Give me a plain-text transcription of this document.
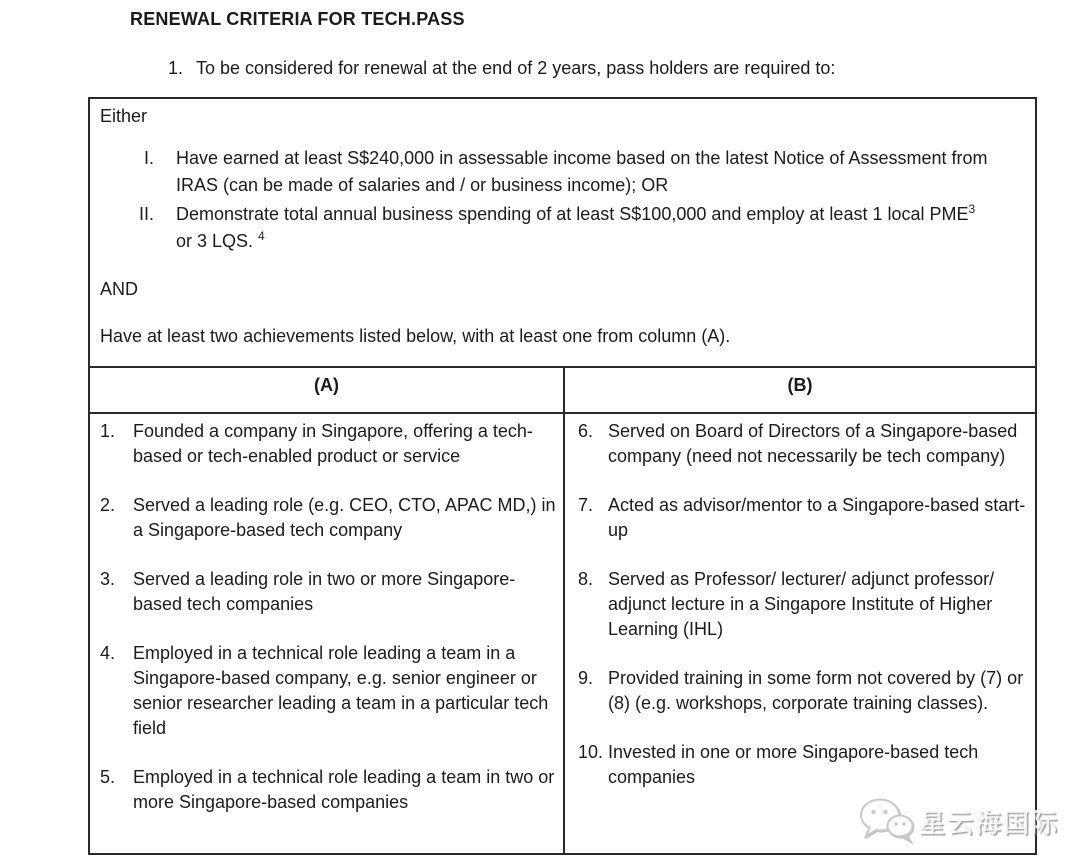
RENEWAL CRITERIA FOR TECH.PASS
1. To be considered for renewal at the end of 2 years, pass holders are required to:
Either
I. Have earned at least S$240,000 in assessable income based on the latest Notice of Assessment from IRAS (can be made of salaries and / or business income); OR
II. Demonstrate total annual business spending of at least S$100,000 and employ at least 1 local PME$^3$ or 3 LQS. $^4$
AND
Have at least two achievements listed below, with at least one from column (A).
(A)	(B)
1. Founded a company in Singapore, offering a tech-based or tech-enabled product or service
2. Served a leading role (e.g. CEO, CTO, APAC MD,) in a Singapore-based tech company
3. Served a leading role in two or more Singapore-based tech companies
4. Employed in a technical role leading a team in a Singapore-based company, e.g. senior engineer or senior researcher leading a team in a particular tech field
5. Employed in a technical role leading a team in two or more Singapore-based companies
6. Served on Board of Directors of a Singapore-based company (need not necessarily be tech company)
7. Acted as advisor/mentor to a Singapore-based start-up
8. Served as Professor/ lecturer/ adjunct professor/ adjunct lecture in a Singapore Institute of Higher Learning (IHL)
9. Provided training in some form not covered by (7) or (8) (e.g. workshops, corporate training classes).
10. Invested in one or more Singapore-based tech companies
星云海国际
